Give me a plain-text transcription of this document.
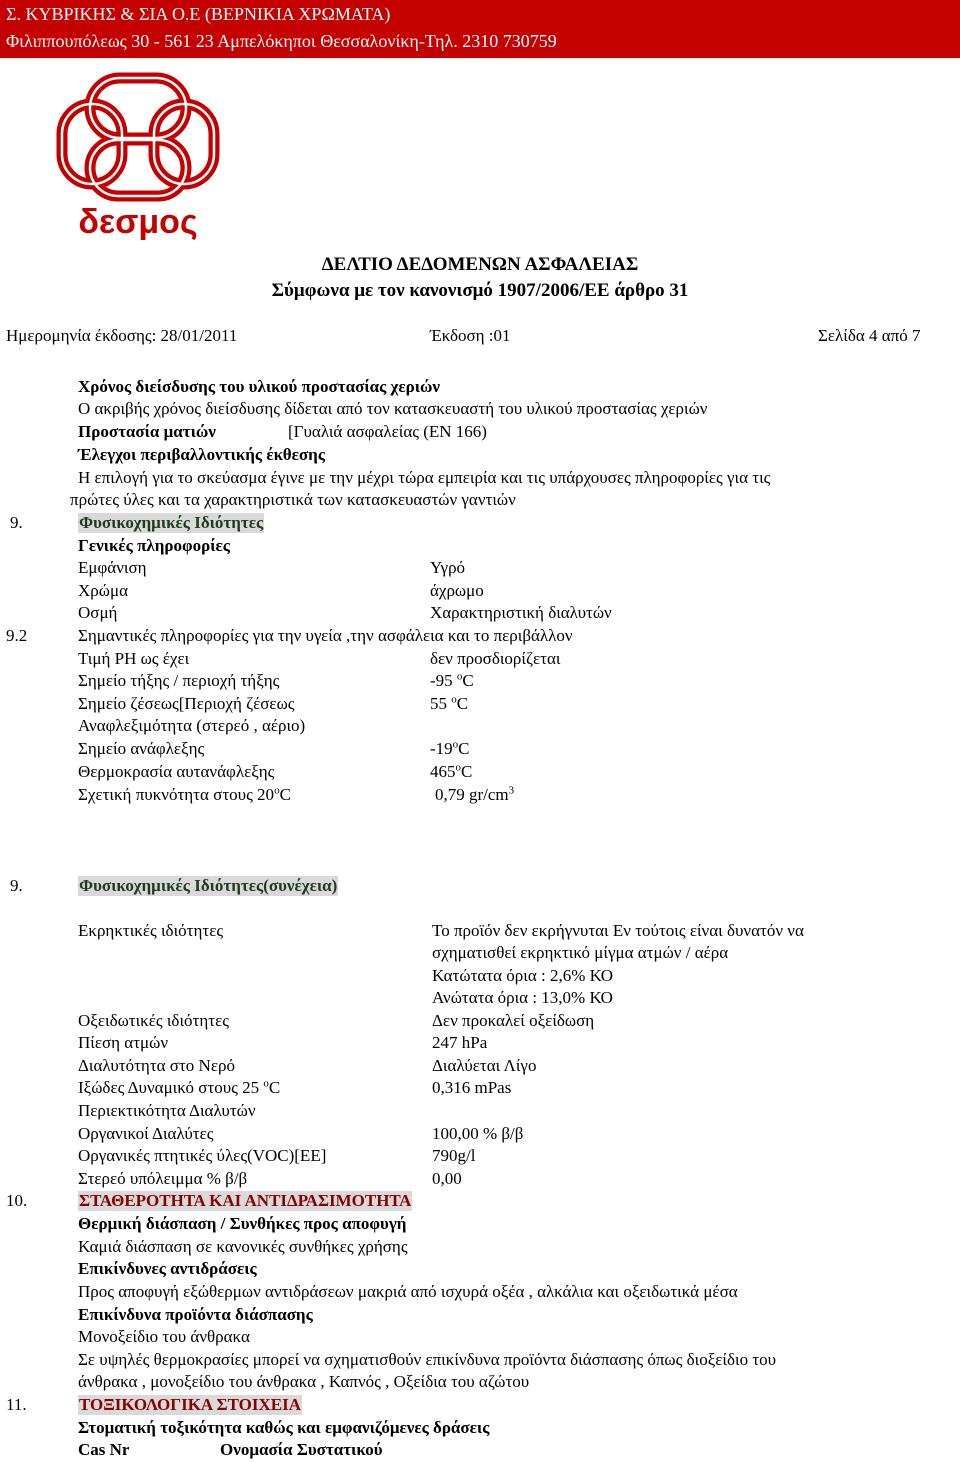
Σ. ΚΥΒΡΙΚΗΣ & ΣΙΑ Ο.Ε (ΒΕΡΝΙΚΙΑ ΧΡΩΜΑΤΑ)
Φιλιππουπόλεως 30 - 561 23 Αμπελόκηποι Θεσσαλονίκη-Τηλ. 2310 730759
δεσμος
ΔΕΛΤΙΟ ΔΕΔΟΜΕΝΩΝ ΑΣΦΑΛΕΙΑΣ
Σύμφωνα με τον κανονισμό 1907/2006/ΕΕ άρθρο 31
Ημερομηνία έκδοσης: 28/01/2011	Έκδοση :01	Σελίδα 4 από 7
Χρόνος διείσδυσης του υλικού προστασίας χεριών
Ο ακριβής χρόνος διείσδυσης δίδεται από τον κατασκευαστή του υλικού προστασίας χεριών
Προστασία ματιών	[Γυαλιά ασφαλείας (ΕΝ 166)
Έλεγχοι περιβαλλοντικής έκθεσης
Η επιλογή για το σκεύασμα έγινε με την μέχρι τώρα εμπειρία και τις υπάρχουσες πληροφορίες για τις
πρώτες ύλες και τα χαρακτηριστικά των κατασκευαστών γαντιών
9.	Φυσικοχημικές Ιδιότητες
Γενικές πληροφορίες
Εμφάνιση	Υγρό
Χρώμα	άχρωμο
Οσμή	Χαρακτηριστική διαλυτών
9.2	Σημαντικές πληροφορίες για την υγεία ,την ασφάλεια και το περιβάλλον
Τιμή PH ως έχει	δεν προσδιορίζεται
Σημείο τήξης / περιοχή τήξης	-95 $^o$C
Σημείο ζέσεως[Περιοχή ζέσεως	55 $^o$C
Αναφλεξιμότητα (στερεό , αέριο)
Σημείο ανάφλεξης	-19$^o$C
Θερμοκρασία αυτανάφλεξης	465$^o$C
Σχετική πυκνότητα στους 20$^o$C	0,79 $gr/cm^3$
9.	Φυσικοχημικές Ιδιότητες(συνέχεια)
Εκρηκτικές ιδιότητες	Το προϊόν δεν εκρήγνυται Εν τούτοις είναι δυνατόν να
σχηματισθεί εκρηκτικό μίγμα ατμών / αέρα
Κατώτατα όρια : 2,6% ΚΟ
Ανώτατα όρια : 13,0% ΚΟ
Οξειδωτικές ιδιότητες	Δεν προκαλεί οξείδωση
Πίεση ατμών	247 hPa
Διαλυτότητα στο Νερό	Διαλύεται Λίγο
Ιξώδες Δυναμικό στους 25 $^o$C	0,316 mPas
Περιεκτικότητα Διαλυτών
Οργανικοί Διαλύτες	100,00 % β/β
Οργανικές πτητικές ύλες(VOC)[EE]	790g/l
Στερεό υπόλειμμα % β/β	0,00
10.	ΣΤΑΘΕΡΟΤΗΤΑ ΚΑΙ ΑΝΤΙΔΡΑΣΙΜΟΤΗΤΑ
Θερμική διάσπαση / Συνθήκες προς αποφυγή
Καμιά διάσπαση σε κανονικές συνθήκες χρήσης
Επικίνδυνες αντιδράσεις
Προς αποφυγή εξώθερμων αντιδράσεων μακριά από ισχυρά οξέα , αλκάλια και οξειδωτικά μέσα
Επικίνδυνα προϊόντα διάσπασης
Μονοξείδιο του άνθρακα
Σε υψηλές θερμοκρασίες μπορεί να σχηματισθούν επικίνδυνα προϊόντα διάσπασης όπως διοξείδιο του
άνθρακα , μονοξείδιο του άνθρακα , Καπνός , Οξείδια του αζώτου
11.	ΤΟΞΙΚΟΛΟΓΙΚΑ ΣΤΟΙΧΕΙΑ
Στοματική τοξικότητα καθώς και εμφανιζόμενες δράσεις
Cas Nr	Ονομασία Συστατικού
